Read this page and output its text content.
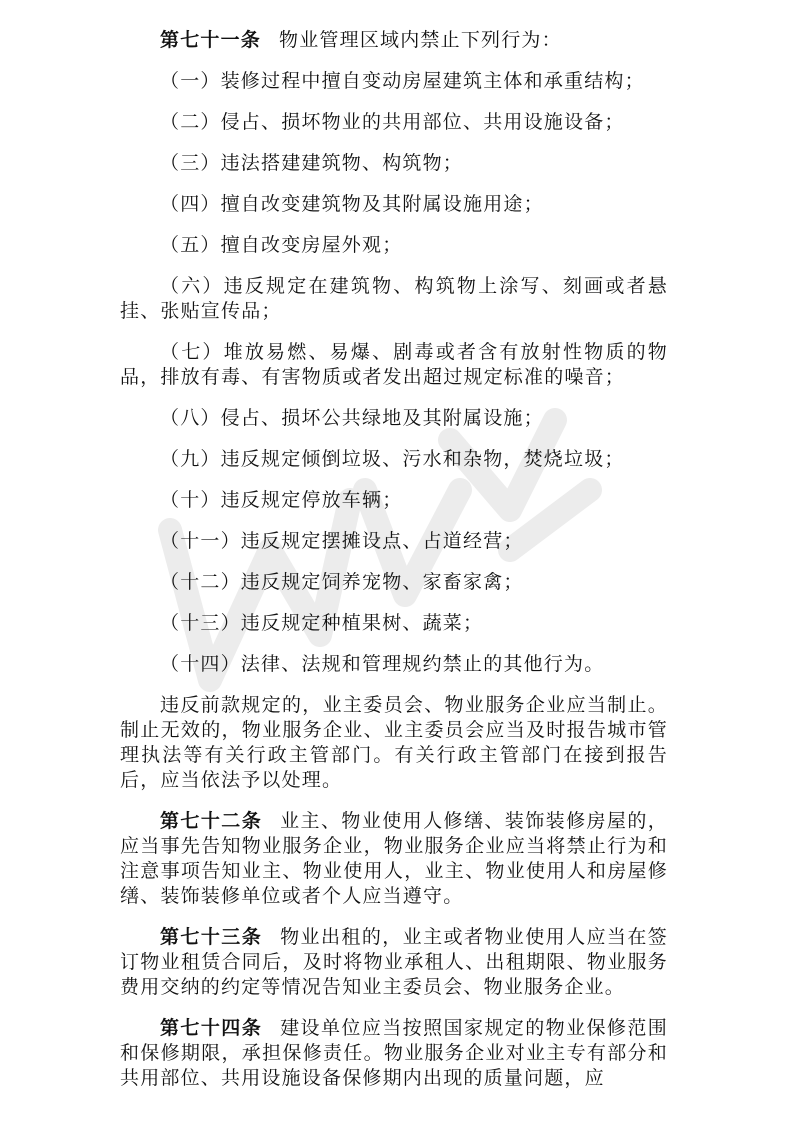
第七十一条 物业管理区域内禁止下列行为：

（一）装修过程中擅自变动房屋建筑主体和承重结构；

（二）侵占、损坏物业的共用部位、共用设施设备；

（三）违法搭建建筑物、构筑物；

（四）擅自改变建筑物及其附属设施用途；

（五）擅自改变房屋外观；

（六）违反规定在建筑物、构筑物上涂写、刻画或者悬挂、张贴宣传品；

（七）堆放易燃、易爆、剧毒或者含有放射性物质的物品，排放有毒、有害物质或者发出超过规定标准的噪音；

（八）侵占、损坏公共绿地及其附属设施；

（九）违反规定倾倒垃圾、污水和杂物，焚烧垃圾；

（十）违反规定停放车辆；

（十一）违反规定摆摊设点、占道经营；

（十二）违反规定饲养宠物、家畜家禽；

（十三）违反规定种植果树、蔬菜；

（十四）法律、法规和管理规约禁止的其他行为。

违反前款规定的，业主委员会、物业服务企业应当制止。制止无效的，物业服务企业、业主委员会应当及时报告城市管理执法等有关行政主管部门。有关行政主管部门在接到报告后，应当依法予以处理。

第七十二条 业主、物业使用人修缮、装饰装修房屋的，应当事先告知物业服务企业，物业服务企业应当将禁止行为和注意事项告知业主、物业使用人，业主、物业使用人和房屋修缮、装饰装修单位或者个人应当遵守。

第七十三条 物业出租的，业主或者物业使用人应当在签订物业租赁合同后，及时将物业承租人、出租期限、物业服务费用交纳的约定等情况告知业主委员会、物业服务企业。

第七十四条 建设单位应当按照国家规定的物业保修范围和保修期限，承担保修责任。物业服务企业对业主专有部分和共用部位、共用设施设备保修期内出现的质量问题，应
